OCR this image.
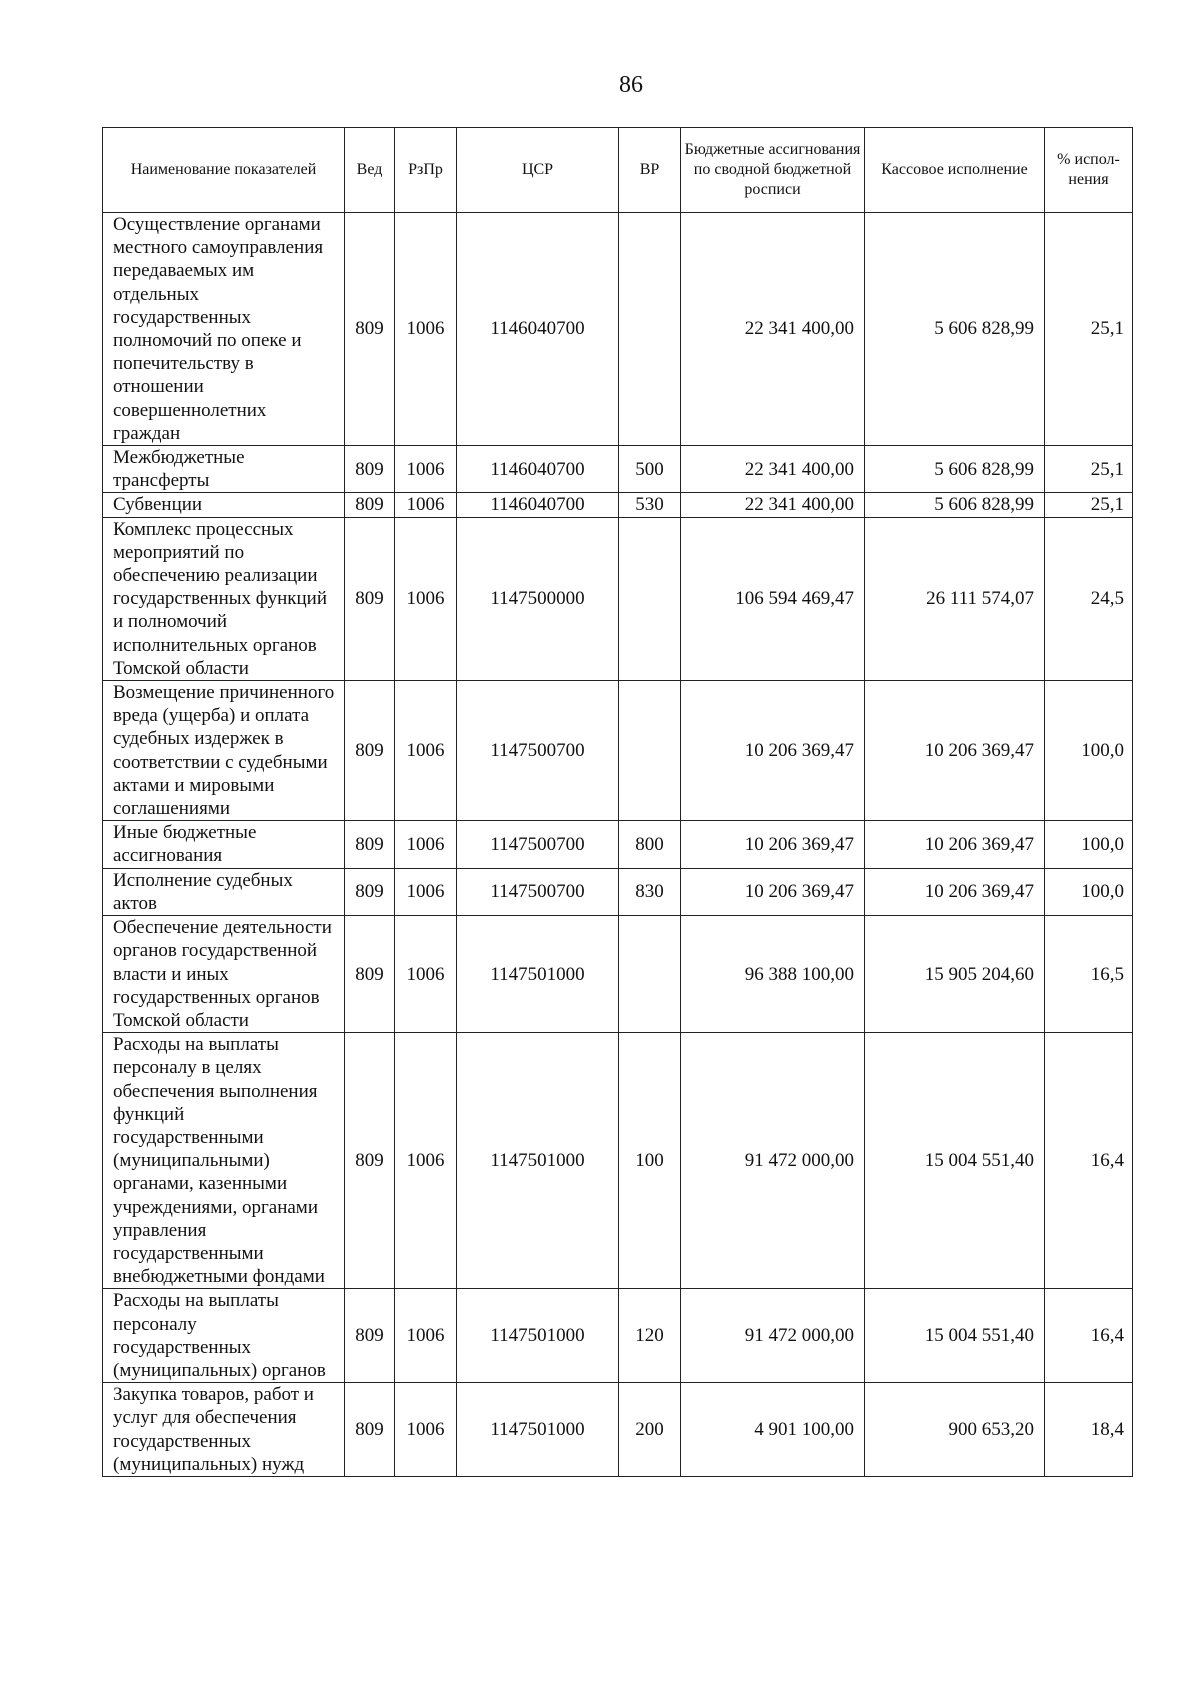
86
Наименование показателей	Вед	РзПр	ЦСР	ВР	Бюджетные ассигнования по сводной бюджетной росписи	Кассовое исполнение	% испол-нения
Осуществление органами местного самоуправления передаваемых им отдельных государственных полномочий по опеке и попечительству в отношении совершеннолетних граждан	809	1006	1146040700		22 341 400,00	5 606 828,99	25,1
Межбюджетные трансферты	809	1006	1146040700	500	22 341 400,00	5 606 828,99	25,1
Субвенции	809	1006	1146040700	530	22 341 400,00	5 606 828,99	25,1
Комплекс процессных мероприятий по обеспечению реализации государственных функций и полномочий исполнительных органов Томской области	809	1006	1147500000		106 594 469,47	26 111 574,07	24,5
Возмещение причиненного вреда (ущерба) и оплата судебных издержек в соответствии с судебными актами и мировыми соглашениями	809	1006	1147500700		10 206 369,47	10 206 369,47	100,0
Иные бюджетные ассигнования	809	1006	1147500700	800	10 206 369,47	10 206 369,47	100,0
Исполнение судебных актов	809	1006	1147500700	830	10 206 369,47	10 206 369,47	100,0
Обеспечение деятельности органов государственной власти и иных государственных органов Томской области	809	1006	1147501000		96 388 100,00	15 905 204,60	16,5
Расходы на выплаты персоналу в целях обеспечения выполнения функций государственными (муниципальными) органами, казенными учреждениями, органами управления государственными внебюджетными фондами	809	1006	1147501000	100	91 472 000,00	15 004 551,40	16,4
Расходы на выплаты персоналу государственных (муниципальных) органов	809	1006	1147501000	120	91 472 000,00	15 004 551,40	16,4
Закупка товаров, работ и услуг для обеспечения государственных (муниципальных) нужд	809	1006	1147501000	200	4 901 100,00	900 653,20	18,4
